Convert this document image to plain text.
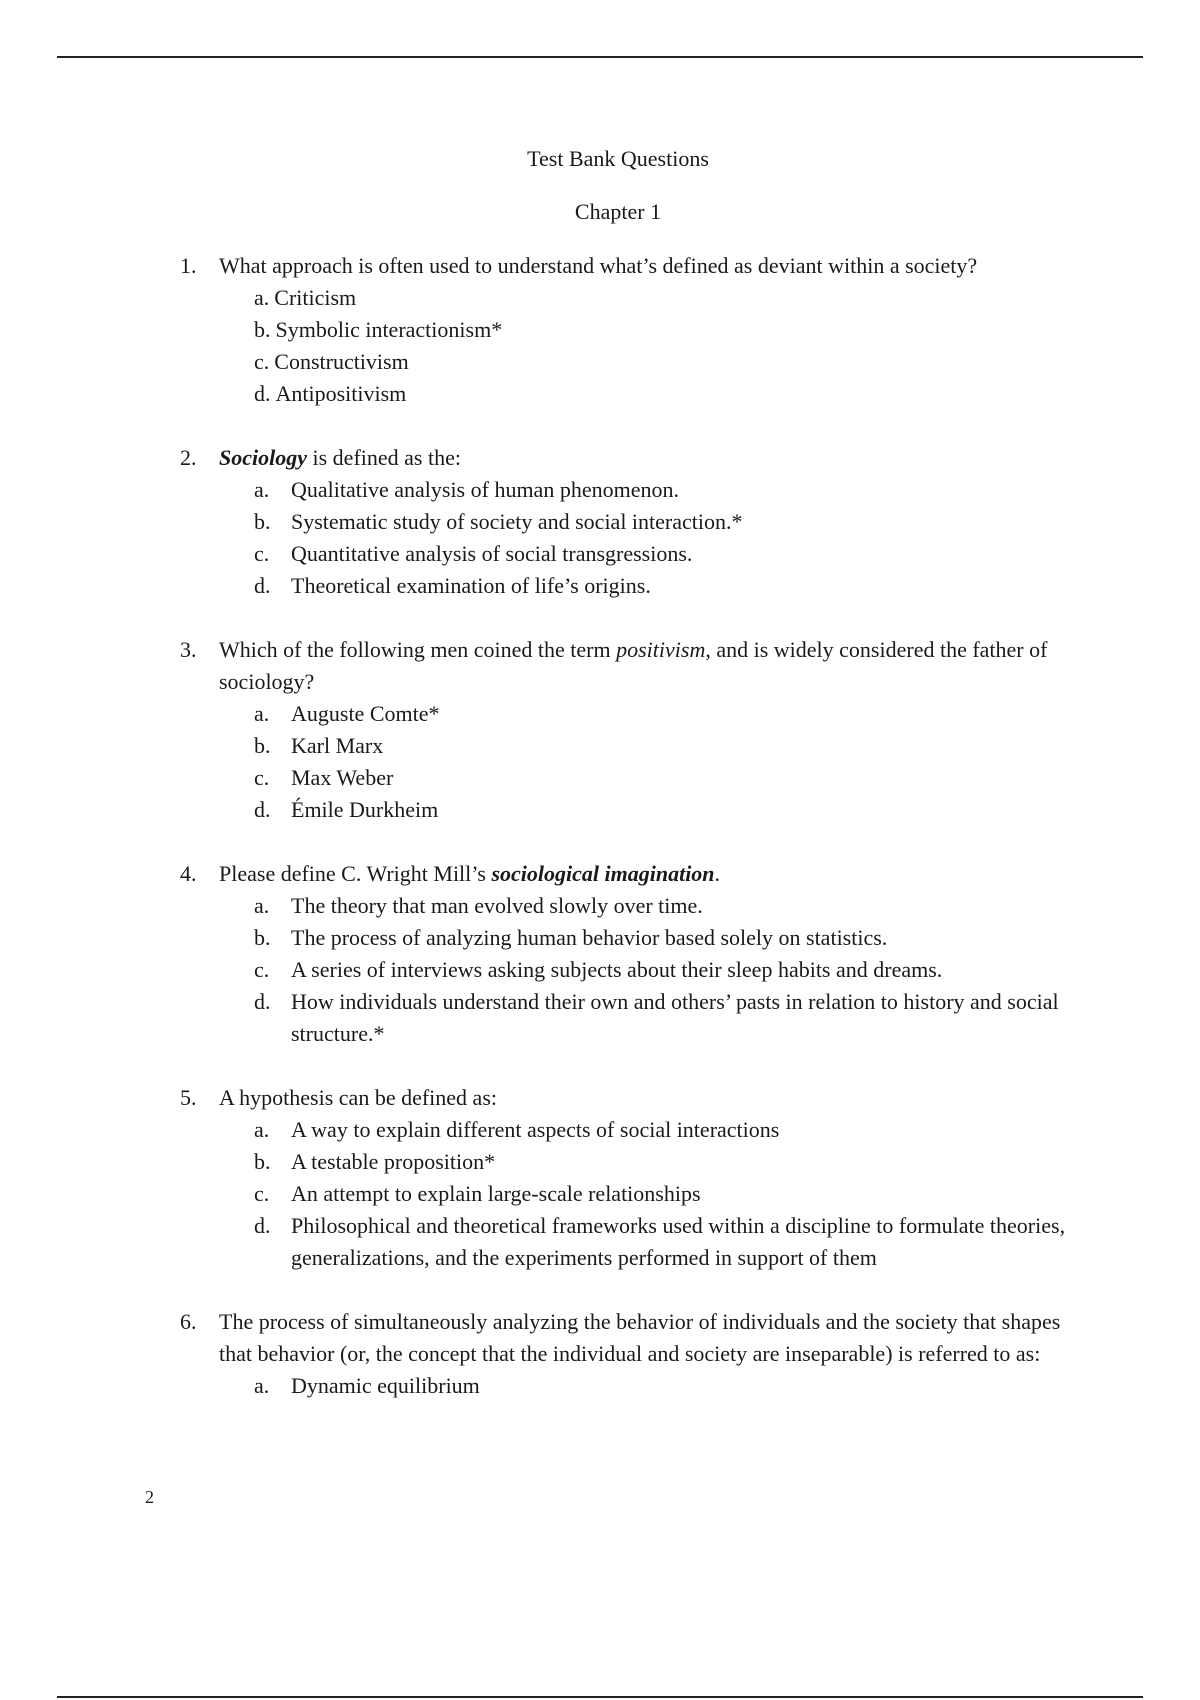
Test Bank Questions
Chapter 1
1.	What approach is often used to understand what’s defined as deviant within a society?
a. Criticism
b. Symbolic interactionism*
c. Constructivism
d. Antipositivism
2.	Sociology is defined as the:
a. Qualitative analysis of human phenomenon.
b. Systematic study of society and social interaction.*
c. Quantitative analysis of social transgressions.
d. Theoretical examination of life’s origins.
3.	Which of the following men coined the term positivism, and is widely considered the father of sociology?
a. Auguste Comte*
b. Karl Marx
c. Max Weber
d. Émile Durkheim
4.	Please define C. Wright Mill’s sociological imagination.
a. The theory that man evolved slowly over time.
b. The process of analyzing human behavior based solely on statistics.
c. A series of interviews asking subjects about their sleep habits and dreams.
d. How individuals understand their own and others’ pasts in relation to history and social structure.*
5.	A hypothesis can be defined as:
a. A way to explain different aspects of social interactions
b. A testable proposition*
c. An attempt to explain large-scale relationships
d. Philosophical and theoretical frameworks used within a discipline to formulate theories, generalizations, and the experiments performed in support of them
6.	The process of simultaneously analyzing the behavior of individuals and the society that shapes that behavior (or, the concept that the individual and society are inseparable) is referred to as:
a. Dynamic equilibrium
2
